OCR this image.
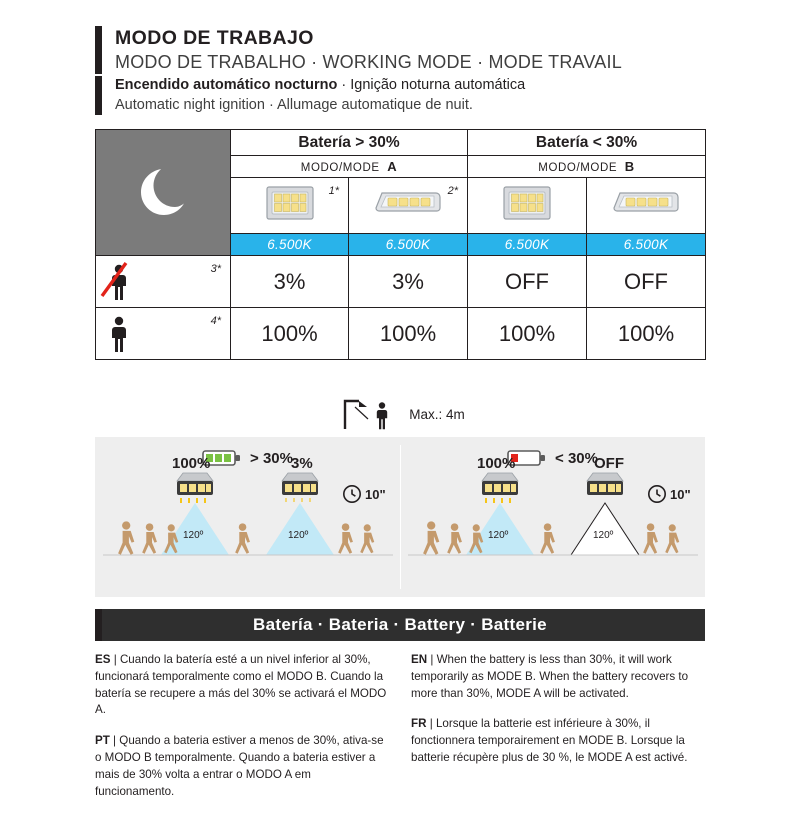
MODO DE TRABAJO
MODO DE TRABALHO · WORKING MODE · MODE TRAVAIL
Encendido automático nocturno · Ignição noturna automática
Automatic night ignition · Allumage automatique de nuit.
	Batería > 30%		Batería < 30%	
	MODO/MODE A		MODO/MODE B	

	1*	2*

	6.500K	6.500K	6.500K	6.500K

3*	3%	3%	OFF	OFF

4*	100%	100%	100%	100%
Max.: 4m
> 30%
100%	3%
120º	120º
10"
< 30%
100%	OFF
120º	120º
10"
Batería · Bateria · Battery · Batterie

ES | Cuando la batería esté a un nivel inferior al 30%, funcionará temporalmente como el MODO B. Cuando la batería se recupere a más del 30% se activará el MODO A.

PT | Quando a bateria estiver a menos de 30%, ativa-se o MODO B temporalmente. Quando a bateria estiver a mais de 30% volta a entrar o MODO A em funcionamento.

EN | When the battery is less than 30%, it will work temporarily as MODE B. When the battery recovers to more than 30%, MODE A will be activated.

FR | Lorsque la batterie est inférieure à 30%, il fonctionnera temporairement en MODE B. Lorsque la batterie récupère plus de 30 %, le MODE A est activé.
